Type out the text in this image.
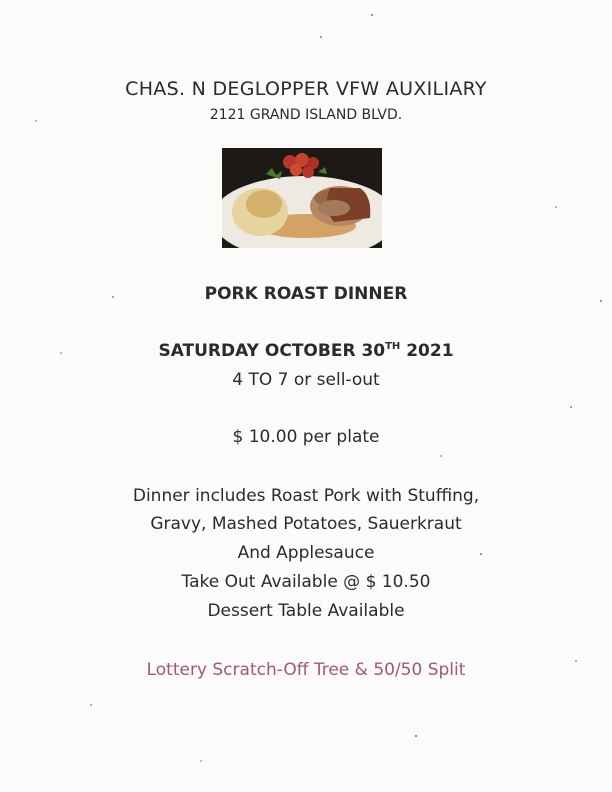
CHAS. N DEGLOPPER VFW AUXILIARY
2121 GRAND ISLAND BLVD.
PORK ROAST DINNER
SATURDAY OCTOBER 30TH 2021
4 TO 7 or sell-out
$ 10.00 per plate
Dinner includes Roast Pork with Stuffing,
Gravy, Mashed Potatoes, Sauerkraut
And Applesauce
Take Out Available @ $ 10.50
Dessert Table Available
Lottery Scratch-Off Tree & 50/50 Split
